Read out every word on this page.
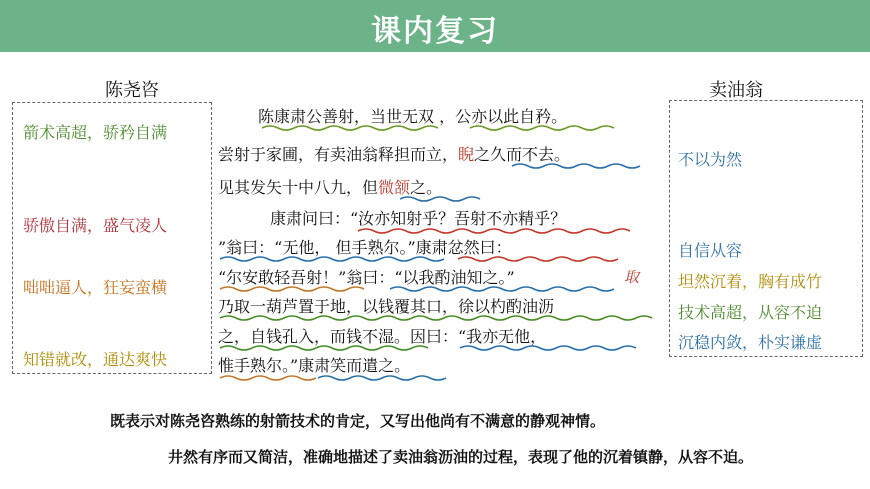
课内复习
陈尧咨
箭术高超，骄矜自满
骄傲自满，盛气凌人
咄咄逼人，狂妄蛮横
知错就改，通达爽快
卖油翁
不以为然
自信从容
坦然沉着，胸有成竹
技术高超，从容不迫
沉稳内敛，朴实谦虚
陈康肃公善射，当世无双 ，公亦以此自矜。
尝射于家圃，有卖油翁释担而立，睨之久而不去。
见其发矢十中八九，但微颔之。
康肃问曰：“汝亦知射乎？吾射不亦精乎？
”翁曰：“无他， 但手熟尔。”康肃忿然曰：
“尔安敢轻吾射！”翁曰：“以我酌油知之。”
乃取一葫芦置于地，以钱覆其口，徐以杓酌油沥
之，自钱孔入，而钱不湿。因曰：“我亦无他，
惟手熟尔。”康肃笑而遣之。
取
既表示对陈尧咨熟练的射箭技术的肯定，又写出他尚有不满意的静观神情。
井然有序而又简洁，准确地描述了卖油翁沥油的过程，表现了他的沉着镇静，从容不迫。
